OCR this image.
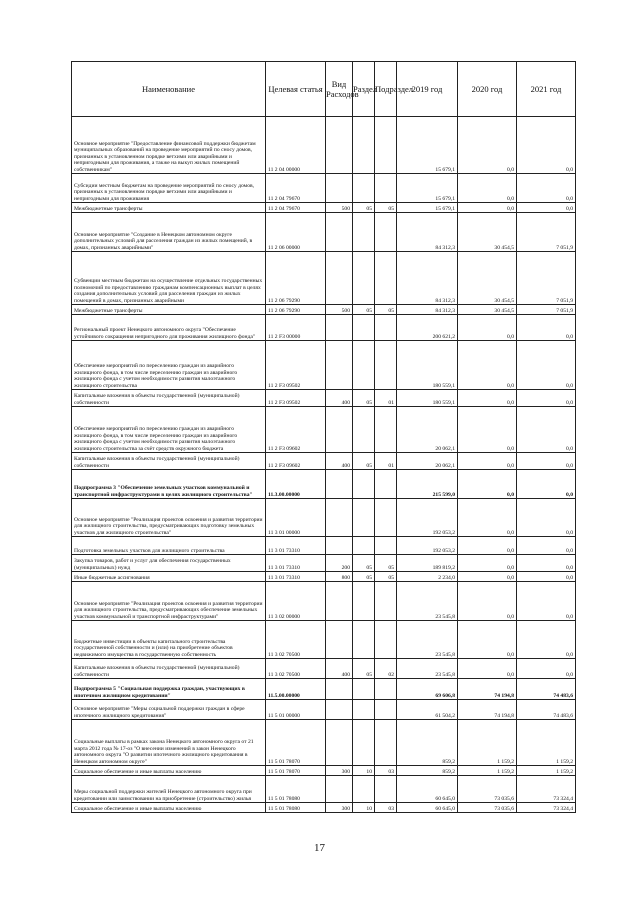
Наименование	Целевая статья	Вид Расходов	Раздел	Подраздел	2019 год	2020 год	2021 год
Основное мероприятие "Предоставление финансовой поддержки бюджетам муниципальных образований на проведение мероприятий по сносу домов, признанных в установленном порядке ветхими или аварийными и непригодными для проживания, а также на выкуп жилых помещений собственникам"	11 2 04 00000				15 679,1	0,0	0,0
Субсидии местным бюджетам на проведение мероприятий по сносу домов, признанных в установленном порядке ветхими или аварийными и непригодными для проживания	11 2 04 79670				15 679,1	0,0	0,0
Межбюджетные трансферты	11 2 04 79670	500	05	05	15 679,1	0,0	0,0
Основное мероприятие "Создание в Ненецком автономном округе дополнительных условий для расселения граждан из жилых помещений, в домах, признанных аварийными"	11 2 06 00000				84 312,3	30 454,5	7 051,9
Субвенции местным бюджетам на осуществление отдельных государственных полномочий по предоставлению гражданам компенсационных выплат в целях создания дополнительных условий для расселения граждан из жилых помещений в домах, признанных аварийными	11 2 06 79290				84 312,3	30 454,5	7 051,9
Межбюджетные трансферты	11 2 06 79290	500	05	05	84 312,3	30 454,5	7 051,9
Региональный проект Ненецкого автономного округа "Обеспечение устойчивого сокращения непригодного для проживания жилищного фонда"	11 2 F3 00000				200 621,2	0,0	0,0
Обеспечение мероприятий по переселению граждан из аварийного жилищного фонда, в том числе переселению граждан из аварийного жилищного фонда с учетом необходимости развития малоэтажного жилищного строительства	11 2 F3 09502				180 559,1	0,0	0,0
Капитальные вложения в объекты государственной (муниципальной) собственности	11 2 F3 09502	400	05	01	180 559,1	0,0	0,0
Обеспечение мероприятий по переселению граждан из аварийного жилищного фонда, в том числе переселению граждан из аварийного жилищного фонда с учетом необходимости развития малоэтажного жилищного строительства за счёт средств окружного бюджета	11 2 F3 09602				20 062,1	0,0	0,0
Капитальные вложения в объекты государственной (муниципальной) собственности	11 2 F3 09602	400	05	01	20 062,1	0,0	0,0
Подпрограмма 3 "Обеспечение земельных участков коммунальной и транспортной инфраструктурами в целях жилищного строительства"	11.3.00.00000				215 599,0	0,0	0,0
Основное мероприятие "Реализация проектов освоения и развития территории для жилищного строительства, предусматривающих подготовку земельных участков для жилищного строительства"	11 3 01 00000				192 053,2	0,0	0,0
Подготовка земельных участков для жилищного строительства	11 3 01 73310				192 053,2	0,0	0,0
Закупка товаров, работ и услуг для обеспечения государственных (муниципальных) нужд	11 3 01 73310	200	05	05	189 819,2	0,0	0,0
Иные бюджетные ассигнования	11 3 01 73310	800	05	05	2 234,0	0,0	0,0
Основное мероприятие "Реализация проектов освоения и развития территории для жилищного строительства, предусматривающих обеспечение земельных участков коммунальной и транспортной инфраструктурами"	11 3 02 00000				23 545,8	0,0	0,0
Бюджетные инвестиции в объекты капитального строительства государственной собственности и (или) на приобретение объектов недвижимого имущества в государственную собственность	11 3 02 70500				23 545,8	0,0	0,0
Капитальные вложения в объекты государственной (муниципальной) собственности	11 3 02 70500	400	05	02	23 545,8	0,0	0,0
Подпрограмма 5 "Социальная поддержка граждан, участвующих в ипотечном жилищном кредитовании"	11.5.00.00000				69 606,8	74 194,8	74 483,6
Основное мероприятие "Меры социальной поддержки граждан в сфере ипотечного жилищного кредитования"	11 5 01 00000				61 504,2	74 194,8	74 483,6
Социальные выплаты в рамках закона Ненецкого автономного округа от 21 марта 2012 года № 17-оз "О внесении изменений в закон Ненецкого автономного округа "О развитии ипотечного жилищного кредитования в Ненецком автономном округе"	11 5 01 78070				859,2	1 159,2	1 159,2
Социальное обеспечение и иные выплаты населению	11 5 01 78070	300	10	03	859,2	1 159,2	1 159,2
Меры социальной поддержки жителей Ненецкого автономного округа при кредитовании или заимствовании на приобретение (строительство) жилья	11 5 01 78080				60 645,0	73 035,6	73 324,4
Социальное обеспечение и иные выплаты населению	11 5 01 78080	300	10	03	60 645,0	73 035,6	73 324,4
17
